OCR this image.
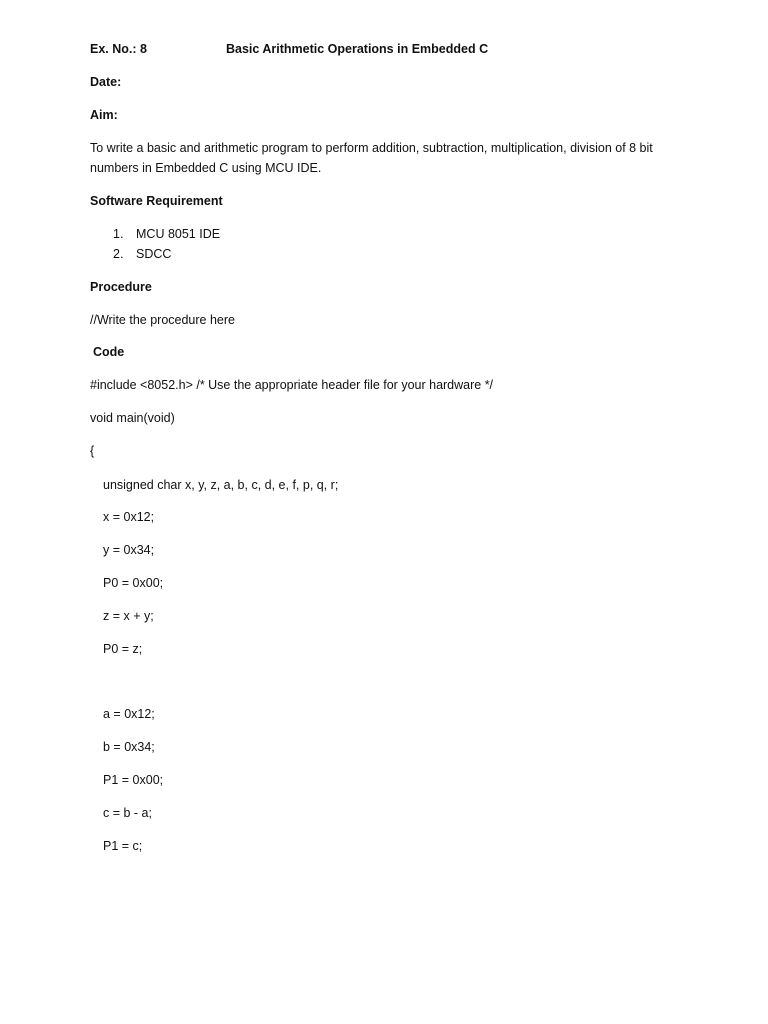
Ex. No.: 8	Basic Arithmetic Operations in Embedded C
Date:
Aim:
To write a basic and arithmetic program to perform addition, subtraction, multiplication, division of 8 bit
numbers in Embedded C using MCU IDE.
Software Requirement
1. MCU 8051 IDE
2. SDCC
Procedure
//Write the procedure here
Code
#include <8052.h> /* Use the appropriate header file for your hardware */
void main(void)
{
unsigned char x, y, z, a, b, c, d, e, f, p, q, r;
x = 0x12;
y = 0x34;
P0 = 0x00;
z = x + y;
P0 = z;
a = 0x12;
b = 0x34;
P1 = 0x00;
c = b - a;
P1 = c;
